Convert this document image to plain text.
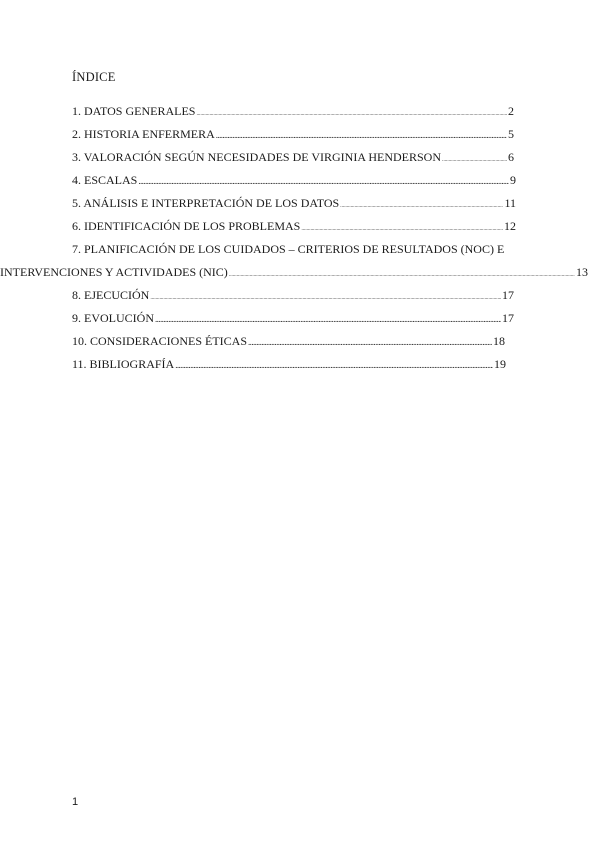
ÍNDICE
1. DATOS GENERALES .....	2
2. HISTORIA ENFERMERA .....	5
3. VALORACIÓN SEGÚN NECESIDADES DE VIRGINIA HENDERSON .....	6
4. ESCALAS .....	9
5. ANÁLISIS E INTERPRETACIÓN DE LOS DATOS .....	11
6. IDENTIFICACIÓN DE LOS PROBLEMAS .....	12
7. PLANIFICACIÓN DE LOS CUIDADOS – CRITERIOS DE RESULTADOS (NOC) E
INTERVENCIONES Y ACTIVIDADES (NIC) .....	13
8. EJECUCIÓN .....	17
9. EVOLUCIÓN .....	17
10. CONSIDERACIONES ÉTICAS .....	18
11. BIBLIOGRAFÍA .....	19
1
